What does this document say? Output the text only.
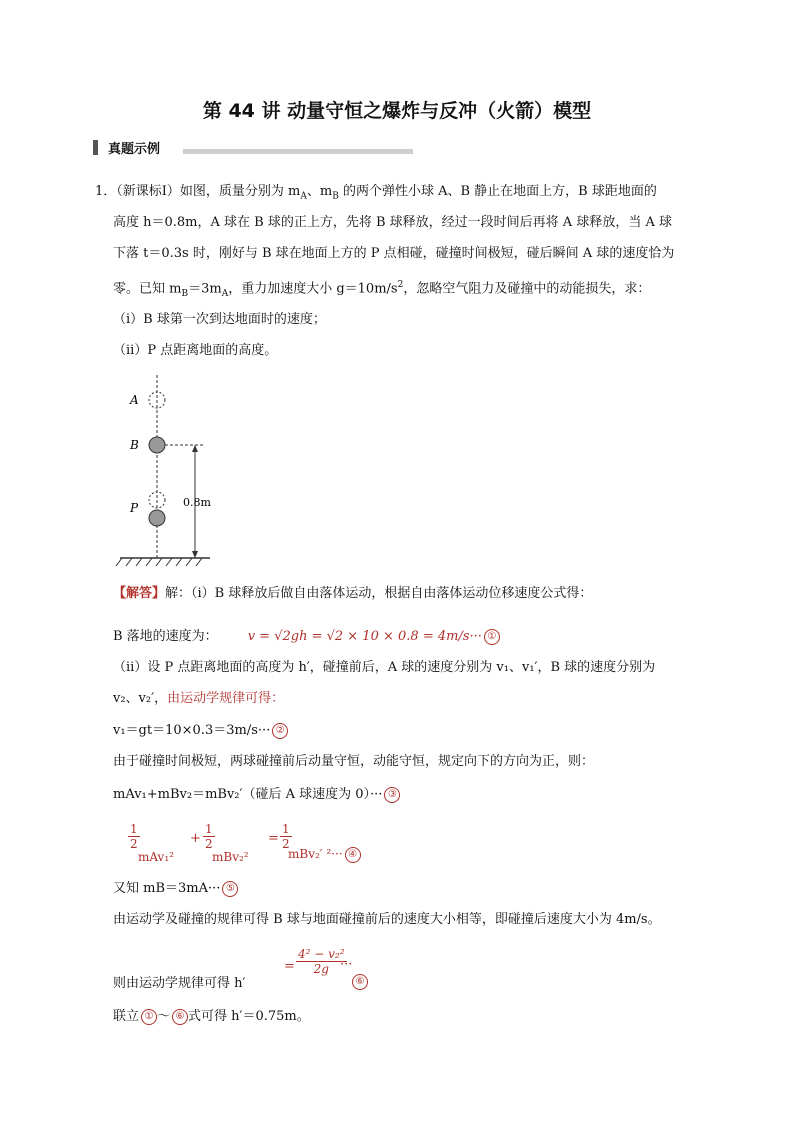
第 44 讲 动量守恒之爆炸与反冲（火箭）模型
真题示例
1．（新课标Ⅰ）如图，质量分别为 $m_A$、$m_B$ 的两个弹性小球 A、B 静止在地面上方，B 球距地面的
高度 h＝0.8m，A 球在 B 球的正上方，先将 B 球释放，经过一段时间后再将 A 球释放，当 A 球
下落 t＝0.3s 时，刚好与 B 球在地面上方的 P 点相碰，碰撞时间极短，碰后瞬间 A 球的速度恰为
零。已知 $m_B=3m_A$，重力加速度大小 $g=10m/s^2$，忽略空气阻力及碰撞中的动能损失，求：
（i）B 球第一次到达地面时的速度；
（ii）P 点距离地面的高度。
A
B
P	0.8m
【解答】解：（i）B 球释放后做自由落体运动，根据自由落体运动位移速度公式得：
B 落地的速度为： v = √2gh = √2 × 10 × 0.8 = 4m/s··· ①
（ii）设 P 点距离地面的高度为 h′，碰撞前后，A 球的速度分别为 v₁、v₁′，B 球的速度分别为
v₂、v₂′，由运动学规律可得：
v₁＝gt＝10×0.3＝3m/s··· ②
由于碰撞时间极短，两球碰撞前后动量守恒，动能守恒，规定向下的方向为正，则：
mAv₁+mBv₂＝mBv₂′（碰后 A 球速度为 0）··· ③
$\frac{1}{2}$
mAv₁²
+ $\frac{1}{2}$
mBv₂²
= $\frac{1}{2}$
mBv₂′ ²··· ④
又知 mB＝3mA··· ⑤
由运动学及碰撞的规律可得 B 球与地面碰撞前后的速度大小相等，即碰撞后速度大小为 4m/s。
则由运动学规律可得 h′
= $\frac{\text{4² − v₂²}}{2g}$
···
⑥
联立 ① ～ ⑥ 式可得 h′＝0.75m。
